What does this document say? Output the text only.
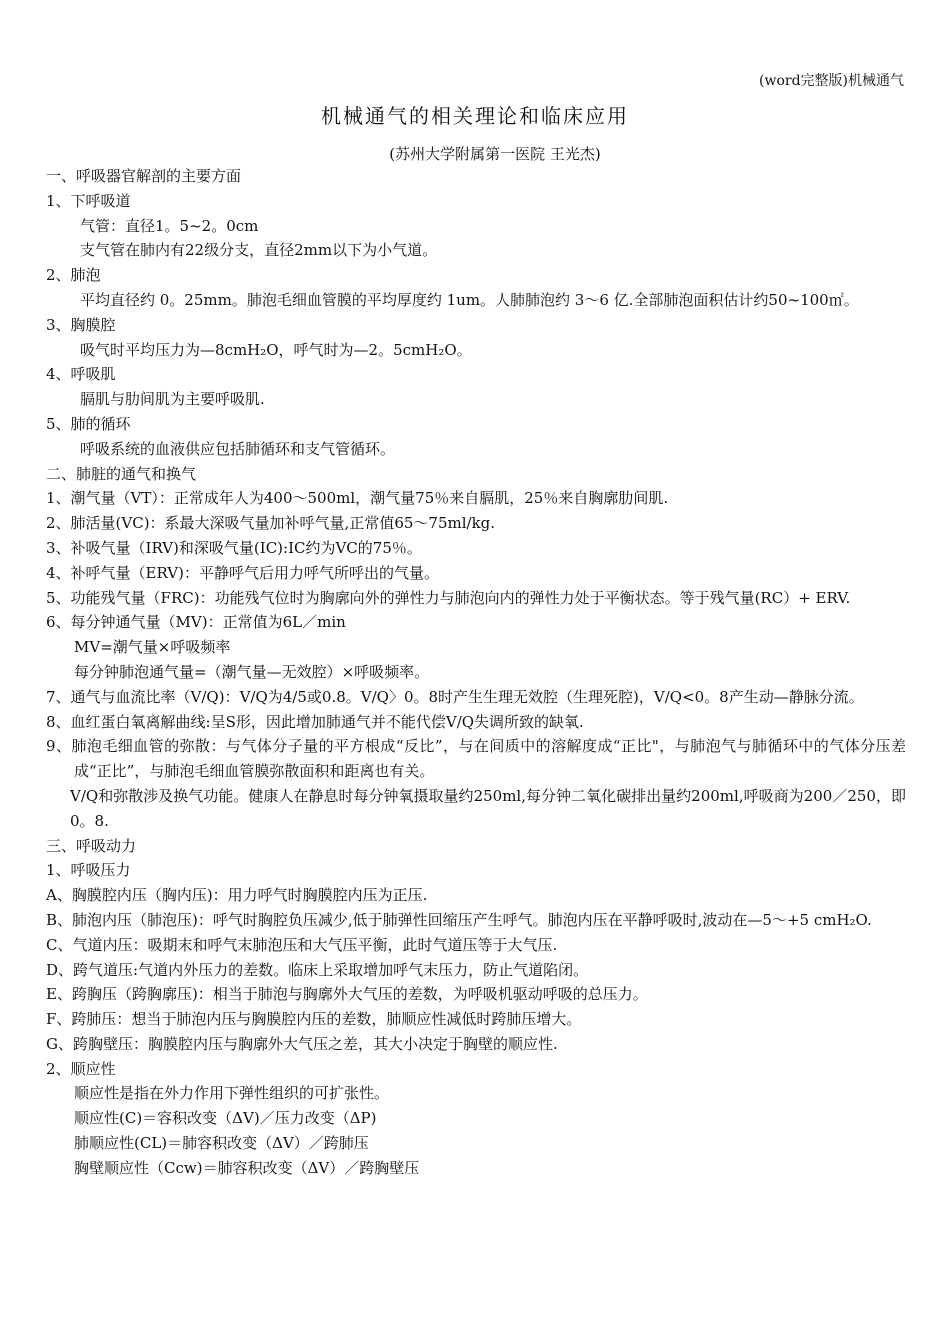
(word完整版)机械通气
机械通气的相关理论和临床应用
(苏州大学附属第一医院 王光杰)
一、呼吸器官解剖的主要方面
1、下呼吸道
气管：直径1。5~2。0cm
支气管在肺内有22级分支，直径2mm以下为小气道。
2、肺泡
平均直径约 0。25mm。肺泡毛细血管膜的平均厚度约 1um。人肺肺泡约 3～6 亿.全部肺泡面积估计约50~100㎡。
3、胸膜腔
吸气时平均压力为—8cmH₂O，呼气时为—2。5cmH₂O。
4、呼吸肌
膈肌与肋间肌为主要呼吸肌.
5、肺的循环
呼吸系统的血液供应包括肺循环和支气管循环。
二、肺脏的通气和换气
1、潮气量（VT）：正常成年人为400～500ml，潮气量75％来自膈肌，25％来自胸廓肋间肌.
2、肺活量(VC)：系最大深吸气量加补呼气量,正常值65～75ml/kg.
3、补吸气量（IRV)和深吸气量(IC):IC约为VC的75％。
4、补呼气量（ERV)：平静呼气后用力呼气所呼出的气量。
5、功能残气量（FRC)：功能残气位时为胸廓向外的弹性力与肺泡向内的弹性力处于平衡状态。等于残气量(RC）+ ERV.
6、每分钟通气量（MV)：正常值为6L／min
MV=潮气量×呼吸频率
每分钟肺泡通气量=（潮气量—无效腔）×呼吸频率。
7、通气与血流比率（V/Q)：V/Q为4/5或0.8。V/Q〉0。8时产生生理无效腔（生理死腔)，V/Q<0。8产生动—静脉分流。
8、血红蛋白氧离解曲线:呈S形，因此增加肺通气并不能代偿V/Q失调所致的缺氧.
9、肺泡毛细血管的弥散：与气体分子量的平方根成“反比”，与在间质中的溶解度成“正比"，与肺泡气与肺循环中的气体分压差成“正比”，与肺泡毛细血管膜弥散面积和距离也有关。
V/Q和弥散涉及换气功能。健康人在静息时每分钟氧摄取量约250ml,每分钟二氧化碳排出量约200ml,呼吸商为200／250，即0。8.
三、呼吸动力
1、呼吸压力
A、胸膜腔内压（胸内压)：用力呼气时胸膜腔内压为正压.
B、肺泡内压（肺泡压)：呼气时胸腔负压减少,低于肺弹性回缩压产生呼气。肺泡内压在平静呼吸时,波动在—5～+5 cmH₂O.
C、气道内压：吸期末和呼气末肺泡压和大气压平衡，此时气道压等于大气压.
D、跨气道压:气道内外压力的差数。临床上采取增加呼气末压力，防止气道陷闭。
E、跨胸压（跨胸廓压)：相当于肺泡与胸廓外大气压的差数，为呼吸机驱动呼吸的总压力。
F、跨肺压：想当于肺泡内压与胸膜腔内压的差数，肺顺应性减低时跨肺压增大。
G、跨胸壁压：胸膜腔内压与胸廓外大气压之差，其大小决定于胸壁的顺应性.
2、顺应性
顺应性是指在外力作用下弹性组织的可扩张性。
顺应性(C)＝容积改变（ΔV)／压力改变（ΔP)
肺顺应性(CL)＝肺容积改变（ΔV）／跨肺压
胸壁顺应性（Ccw)＝肺容积改变（ΔV）／跨胸壁压
